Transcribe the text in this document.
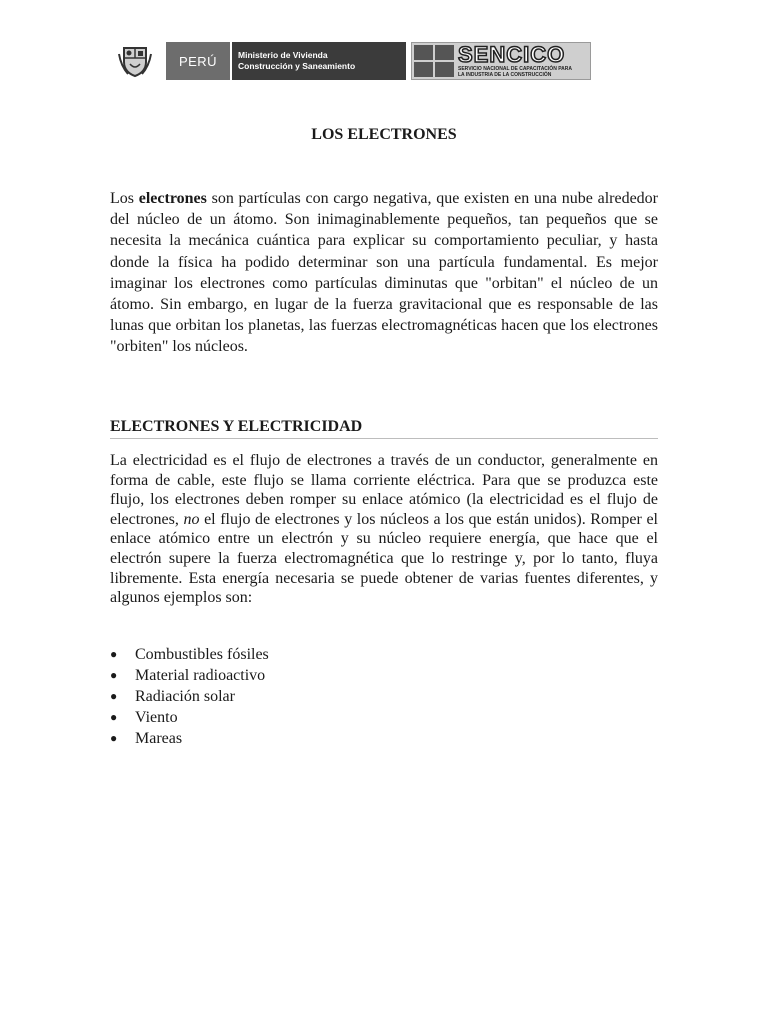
PERÚ	Ministerio de Vivienda
Construcción y Saneamiento	SENCICO
SERVICIO NACIONAL DE CAPACITACIÓN PARA
LA INDUSTRIA DE LA CONSTRUCCIÓN
LOS ELECTRONES

Los electrones son partículas con cargo negativa, que existen en una nube alrededor del núcleo de un átomo. Son inimaginablemente pequeños, tan pequeños que se necesita la mecánica cuántica para explicar su comportamiento peculiar, y hasta donde la física ha podido determinar son una partícula fundamental. Es mejor imaginar los electrones como partículas diminutas que "orbitan" el núcleo de un átomo. Sin embargo, en lugar de la fuerza gravitacional que es responsable de las lunas que orbitan los planetas, las fuerzas electromagnéticas hacen que los electrones "orbiten" los núcleos.

ELECTRONES Y ELECTRICIDAD

La electricidad es el flujo de electrones a través de un conductor, generalmente en forma de cable, este flujo se llama corriente eléctrica. Para que se produzca este flujo, los electrones deben romper su enlace atómico (la electricidad es el flujo de electrones, no el flujo de electrones y los núcleos a los que están unidos). Romper el enlace atómico entre un electrón y su núcleo requiere energía, que hace que el electrón supere la fuerza electromagnética que lo restringe y, por lo tanto, fluya libremente. Esta energía necesaria se puede obtener de varias fuentes diferentes, y algunos ejemplos son:

●	Combustibles fósiles
●	Material radioactivo
●	Radiación solar
●	Viento
●	Mareas
